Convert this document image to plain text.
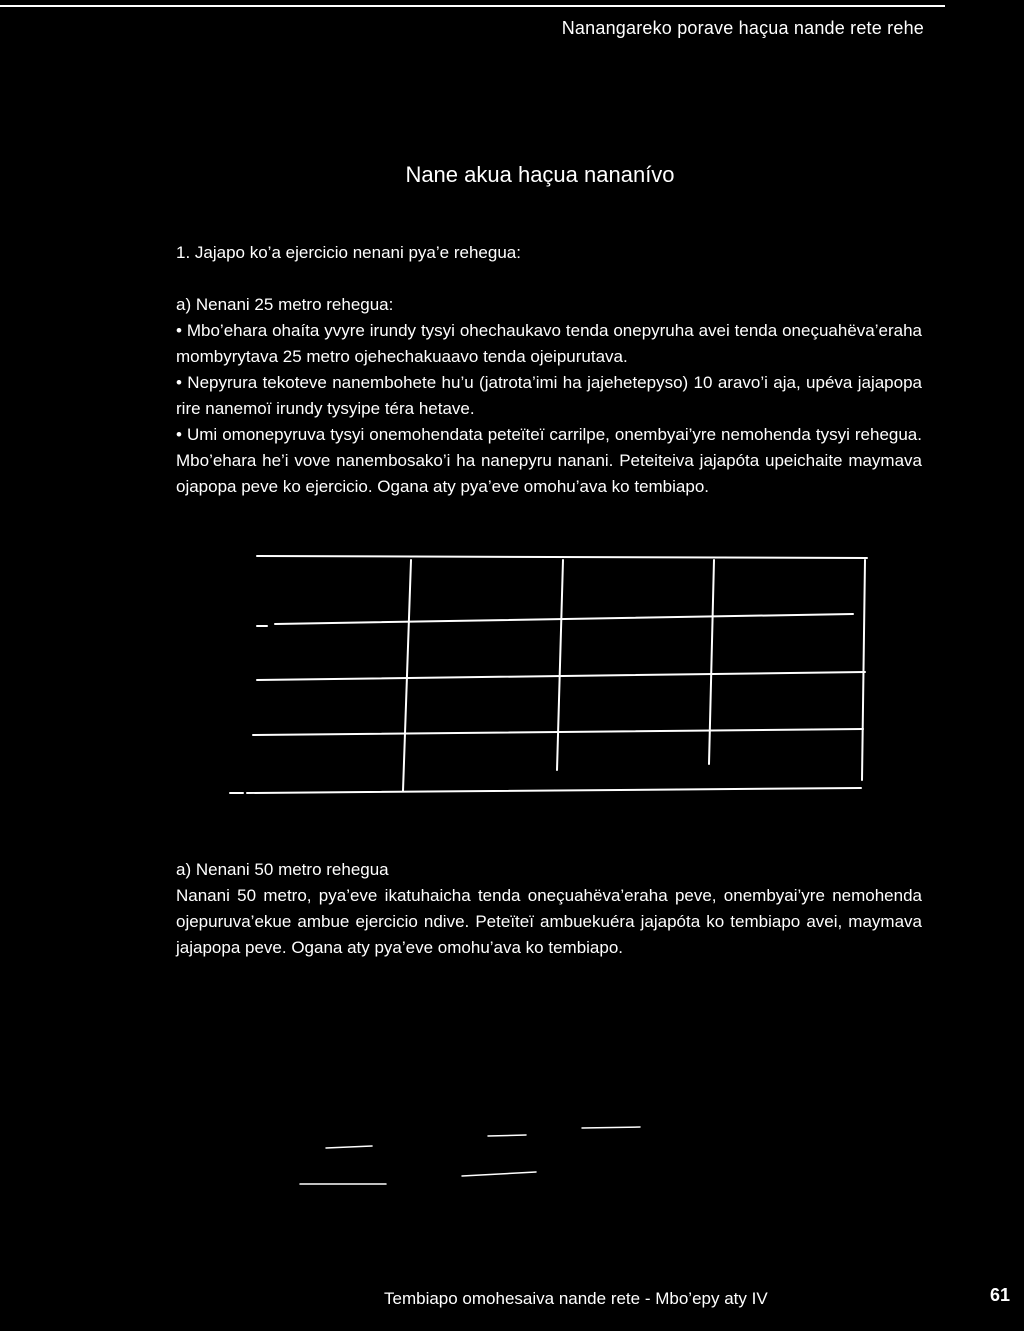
Nanangareko porave haçua nande rete rehe
Nane akua haçua nananívo

1. Jajapo ko’a ejercicio nenani pya’e rehegua:

a) Nenani 25 metro rehegua:

• Mbo’ehara ohaíta yvyre irundy tysyi ohechaukavo tenda onepyruha avei tenda oneçuahëva’eraha mombyrytava 25 metro ojehechakuaavo tenda ojeipurutava.

• Nepyrura tekoteve nanembohete hu’u (jatrota’imi ha jajehetepyso) 10 aravo’i aja, upéva jajapopa rire nanemoï irundy tysyipe téra hetave.

• Umi omonepyruva tysyi onemohendata peteïteï carrilpe, onembyai’yre nemohenda tysyi rehegua. Mbo’ehara he’i vove nanembosako’i ha nanepyru nanani. Peteiteiva jajapóta upeichaite maymava ojapopa peve ko ejercicio. Ogana aty pya’eve omohu’ava ko tembiapo.

a) Nenani 50 metro rehegua

Nanani 50 metro, pya’eve ikatuhaicha tenda oneçuahëva’eraha peve, onembyai’yre nemohenda ojepuruva’ekue ambue ejercicio ndive. Peteïteï ambuekuéra jajapóta ko tembiapo avei, maymava jajapopa peve. Ogana aty pya’eve omohu’ava ko tembiapo.

Tembiapo omohesaiva nande rete - Mbo’epy aty IV	61
